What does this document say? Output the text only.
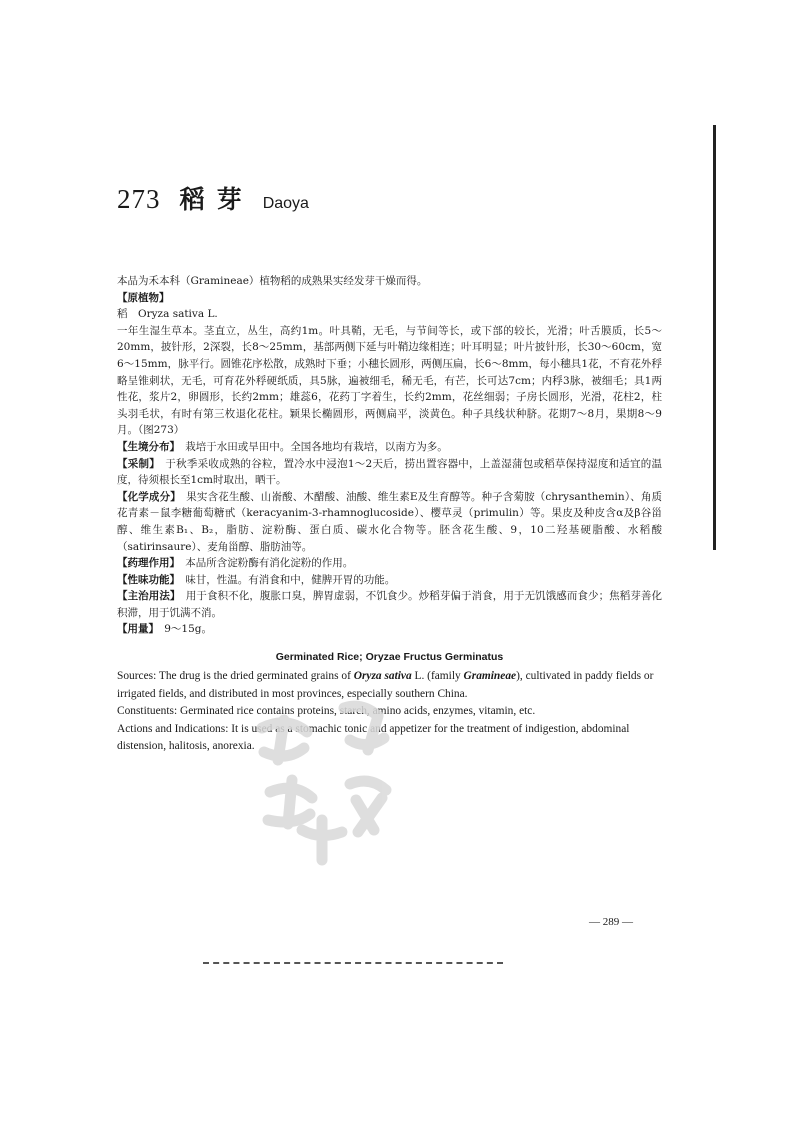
273 稻芽 Daoya

本品为禾本科（Gramineae）植物稻的成熟果实经发芽干燥而得。

【原植物】

稻　Oryza sativa L.

一年生湿生草本。茎直立，丛生，高约1m。叶具鞘，无毛，与节间等长，或下部的较长，光滑；叶舌膜质，长5～20mm，披针形，2深裂，长8～25mm，基部两侧下延与叶鞘边缘相连；叶耳明显；叶片披针形，长30～60cm，宽6～15mm，脉平行。圆锥花序松散，成熟时下垂；小穗长圆形，两侧压扁，长6～8mm，每小穗具1花，不育花外稃略呈锥刺状，无毛，可育花外稃硬纸质，具5脉，遍被细毛，稀无毛，有芒，长可达7cm；内稃3脉，被细毛；具1两性花，浆片2，卵圆形，长约2mm；雄蕊6，花药丁字着生，长约2mm，花丝细弱；子房长圆形，光滑，花柱2，柱头羽毛状，有时有第三枚退化花柱。颖果长椭圆形，两侧扁平，淡黄色。种子具线状种脐。花期7～8月，果期8～9月。（图273）

【生境分布】　 栽培于水田或旱田中。全国各地均有栽培，以南方为多。

【采制】　 于秋季采收成熟的谷粒，置冷水中浸泡1～2天后，捞出置容器中，上盖湿蒲包或稻草保持湿度和适宜的温度，待须根长至1cm时取出，晒干。

【化学成分】　 果实含花生酸、山嵛酸、木醋酸、油酸、维生素E及生育醇等。种子含菊胺（chrysanthemin）、角质花青素－鼠李糖葡萄糖甙（keracyanim-3-rhamnoglucoside）、樱草灵（primulin）等。果皮及种皮含α及β谷甾醇、维生素B₁、B₂，脂肪、淀粉酶、蛋白质、碳水化合物等。胚含花生酸、9，10二羟基硬脂酸、水稻酸（satirinsaure）、麦角甾醇、脂肪油等。

【药理作用】　 本品所含淀粉酶有消化淀粉的作用。

【性味功能】　 味甘，性温。有消食和中，健脾开胃的功能。

【主治用法】　 用于食积不化，腹胀口臭，脾胃虚弱，不饥食少。炒稻芽偏于消食，用于无饥饿感而食少；焦稻芽善化积滞，用于饥满不消。

【用量】　 9～15g。

Germinated Rice; Oryzae Fructus Germinatus

Sources: The drug is the dried germinated grains of Oryza sativa L. (family Gramineae), cultivated in paddy fields or irrigated fields, and distributed in most provinces, especially southern China.

Constituents: Germinated rice contains proteins, starch, amino acids, enzymes, vitamin, etc.

Actions and Indications: It is used as a stomachic tonic and appetizer for the treatment of indigestion, abdominal distension, halitosis, anorexia.

— 289 —
